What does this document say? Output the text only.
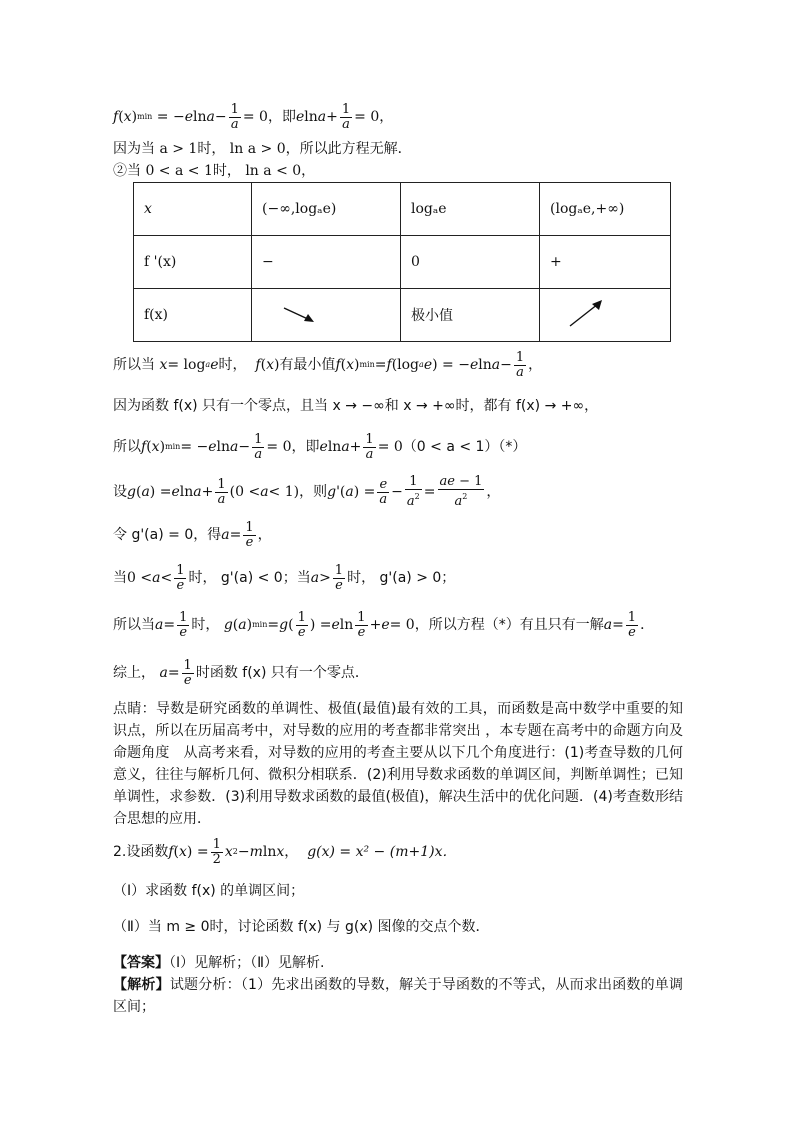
f ( x ) min = − e $\ln a - \frac{1}{a} = 0$ ，即 e $\ln a + \frac{1}{a} = 0$ ，
因为当 a > 1时， ln a > 0，所以此方程无解．
②当 0 < a < 1时， ln a < 0，
x	(−∞,logₐe)	logₐe	(logₐe,+∞)
f '(x)	−	0	+
f(x)		极小值	
所以当
x = log a e 时，
f ( x ) 有最小值 f ( x ) min = f (log a e ) = − e $\ln a - \frac{1}{a}$ ，
因为函数 f(x) 只有一个零点，且当 x → −∞和 x → +∞时，都有 f(x) → +∞，
所以 f ( x ) min = − e $\ln a - \frac{1}{a} = 0$ ，即 e $\ln a + \frac{1}{a} = 0$ （0 < a < 1）（*）
设 g ( a ) = e $\ln a + \frac{1}{a} (0 < a < 1)$ ，则 g '( a ) = $\frac{e}{a} - \frac{1}{a^2} = \frac{ae - 1}{a^2}$ ，
令 g'(a) = 0，得 $a = \frac{1}{e}$ ，
当 $0 < a < \frac{1}{e}$ 时， g'(a) < 0；当 $a > \frac{1}{e}$ 时， g'(a) > 0；
所以当 $a = \frac{1}{e}$ 时，
g ( a ) min = g ( $\frac{1}{e}$ ) = e $\ln \frac{1}{e} + e = 0$ ，所以方程（*）有且只有一解 $a = \frac{1}{e}$ ．
综上，
$a = \frac{1}{e}$ 时函数 f(x) 只有一个零点．
点睛：导数是研究函数的单调性、极值(最值)最有效的工具，而函数是高中数学中重要的知识点，所以在历届高考中，对导数的应用的考查都非常突出 ，本专题在高考中的命题方向及命题角度　从高考来看，对导数的应用的考查主要从以下几个角度进行：(1)考查导数的几何意义，往往与解析几何、微积分相联系．(2)利用导数求函数的单调区间，判断单调性；已知单调性，求参数．(3)利用导数求函数的最值(极值)，解决生活中的优化问题．(4)考查数形结合思想的应用．
2.设函数 f ( x ) = $\frac{1}{2}$ x 2 − m ln x ， g(x) = x² − (m+1)x．
（Ⅰ）求函数 f(x) 的单调区间；
（Ⅱ）当 m ≥ 0时，讨论函数 f(x) 与 g(x) 图像的交点个数．
【答案】（Ⅰ）见解析；（Ⅱ）见解析.
【解析】试题分析：（1）先求出函数的导数，解关于导函数的不等式，从而求出函数的单调区间；
